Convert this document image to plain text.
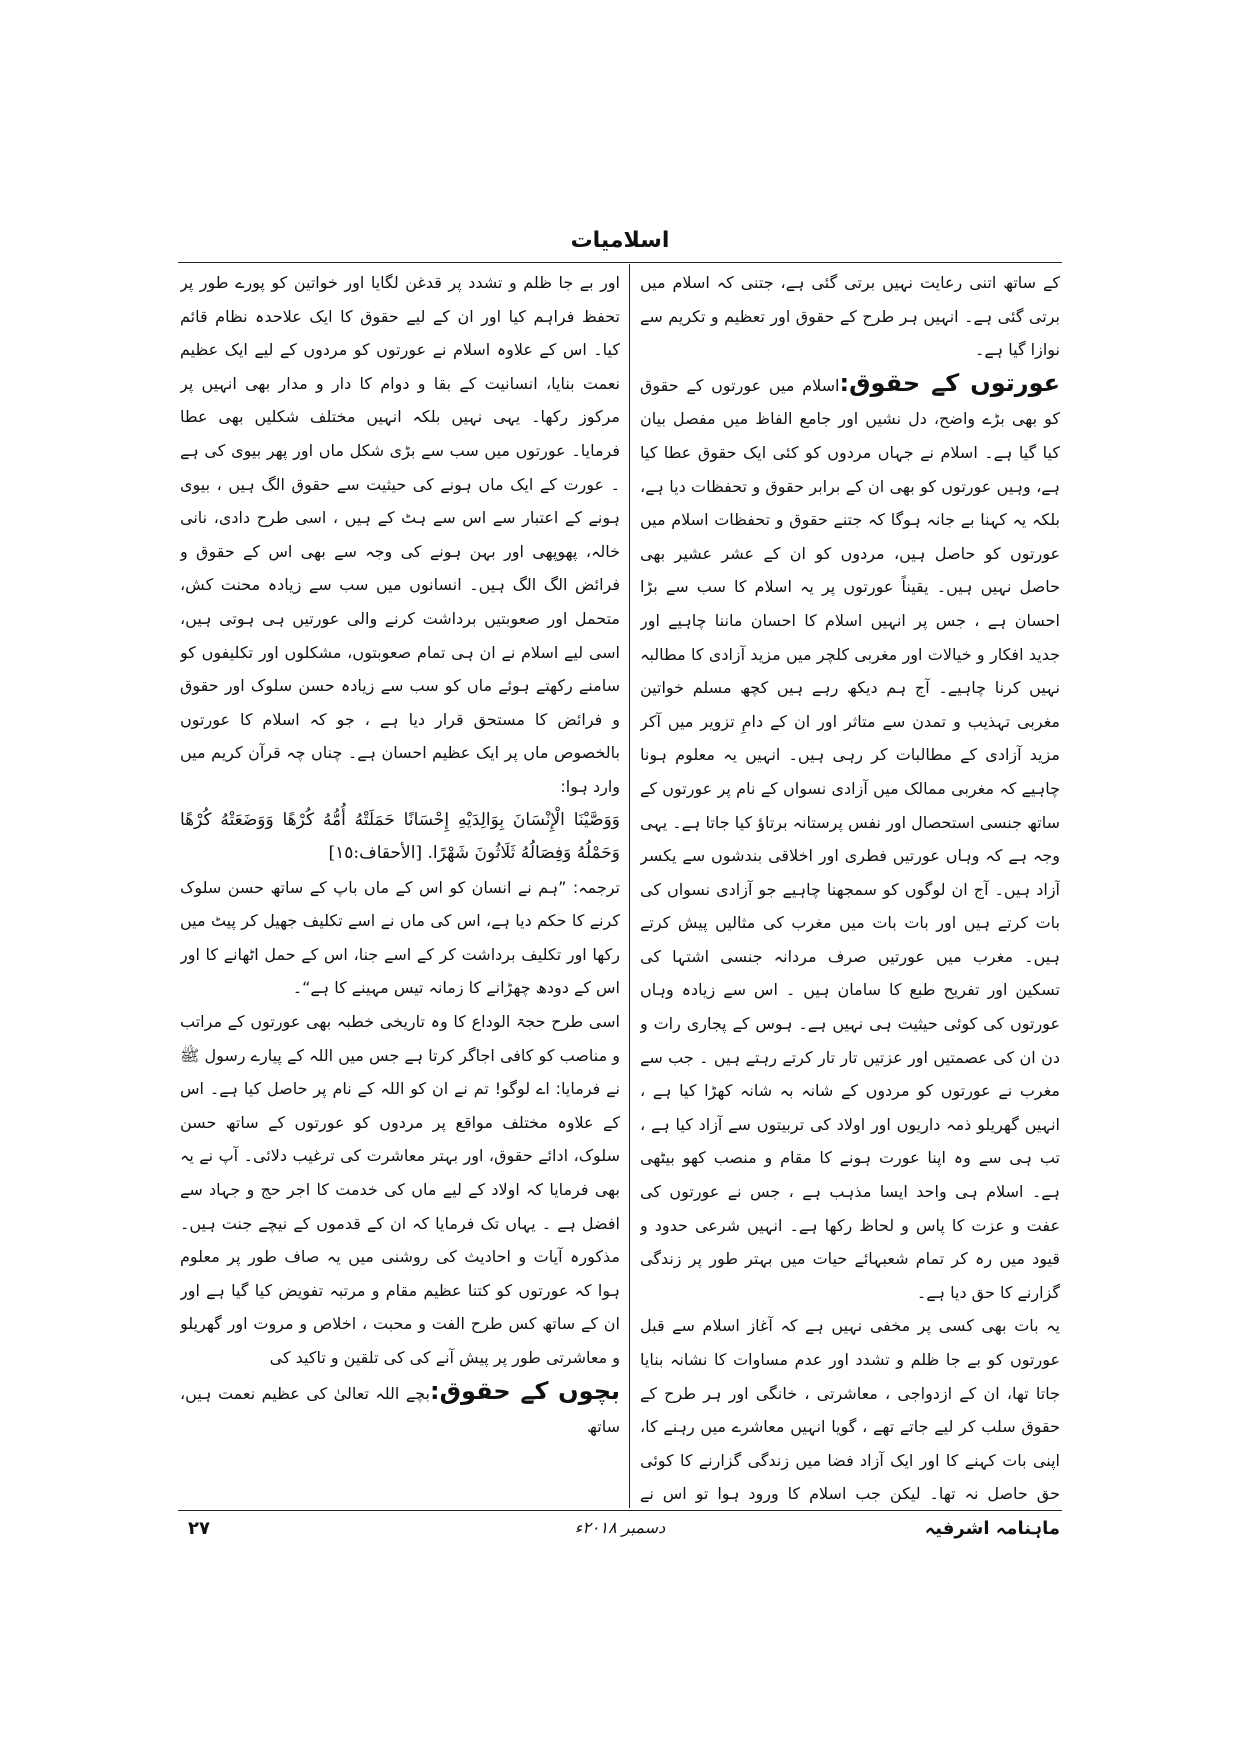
اسلامیات

کے ساتھ اتنی رعایت نہیں برتی گئی ہے، جتنی کہ اسلام میں برتی گئی ہے۔ انہیں ہر طرح کے حقوق اور تعظیم و تکریم سے نوازا گیا ہے۔

عورتوں کے حقوق:اسلام میں عورتوں کے حقوق کو بھی بڑے واضح، دل نشیں اور جامع الفاظ میں مفصل بیان کیا گیا ہے۔ اسلام نے جہاں مردوں کو کئی ایک حقوق عطا کیا ہے، وہیں عورتوں کو بھی ان کے برابر حقوق و تحفظات دیا ہے، بلکہ یہ کہنا بے جانہ ہوگا کہ جتنے حقوق و تحفظات اسلام میں عورتوں کو حاصل ہیں، مردوں کو ان کے عشر عشیر بھی حاصل نہیں ہیں۔ یقیناً عورتوں پر یہ اسلام کا سب سے بڑا احسان ہے ، جس پر انہیں اسلام کا احسان ماننا چاہیے اور جدید افکار و خیالات اور مغربی کلچر میں مزید آزادی کا مطالبہ نہیں کرنا چاہیے۔ آج ہم دیکھ رہے ہیں کچھ مسلم خواتین مغربی تہذیب و تمدن سے متاثر اور ان کے دامِ تزویر میں آکر مزید آزادی کے مطالبات کر رہی ہیں۔ انہیں یہ معلوم ہونا چاہیے کہ مغربی ممالک میں آزادی نسواں کے نام پر عورتوں کے ساتھ جنسی استحصال اور نفس پرستانہ برتاؤ کیا جاتا ہے۔ یہی وجہ ہے کہ وہاں عورتیں فطری اور اخلاقی بندشوں سے یکسر آزاد ہیں۔ آج ان لوگوں کو سمجھنا چاہیے جو آزادی نسواں کی بات کرتے ہیں اور بات بات میں مغرب کی مثالیں پیش کرتے ہیں۔ مغرب میں عورتیں صرف مردانہ جنسی اشتہا کی تسکین اور تفریح طبع کا سامان ہیں ۔ اس سے زیادہ وہاں عورتوں کی کوئی حیثیت ہی نہیں ہے۔ ہوس کے پجاری رات و دن ان کی عصمتیں اور عزتیں تار تار کرتے رہتے ہیں ۔ جب سے مغرب نے عورتوں کو مردوں کے شانہ بہ شانہ کھڑا کیا ہے ، انہیں گھریلو ذمہ داریوں اور اولاد کی تربیتوں سے آزاد کیا ہے ، تب ہی سے وہ اپنا عورت ہونے کا مقام و منصب کھو بیٹھی ہے۔ اسلام ہی واحد ایسا مذہب ہے ، جس نے عورتوں کی عفت و عزت کا پاس و لحاظ رکھا ہے۔ انہیں شرعی حدود و قیود میں رہ کر تمام شعبہائے حیات میں بہتر طور پر زندگی گزارنے کا حق دیا ہے۔

یہ بات بھی کسی پر مخفی نہیں ہے کہ آغاز اسلام سے قبل عورتوں کو بے جا ظلم و تشدد اور عدم مساوات کا نشانہ بنایا جاتا تھا، ان کے ازدواجی ، معاشرتی ، خانگی اور ہر طرح کے حقوق سلب کر لیے جاتے تھے ، گویا انہیں معاشرے میں رہنے کا، اپنی بات کہنے کا اور ایک آزاد فضا میں زندگی گزارنے کا کوئی حق حاصل نہ تھا۔ لیکن جب اسلام کا ورود ہوا تو اس نے

اور بے جا ظلم و تشدد پر قدغن لگایا اور خواتین کو پورے طور پر تحفظ فراہم کیا اور ان کے لیے حقوق کا ایک علاحدہ نظام قائم کیا۔ اس کے علاوہ اسلام نے عورتوں کو مردوں کے لیے ایک عظیم نعمت بنایا، انسانیت کے بقا و دوام کا دار و مدار بھی انہیں پر مرکوز رکھا۔ یہی نہیں بلکہ انہیں مختلف شکلیں بھی عطا فرمایا۔ عورتوں میں سب سے بڑی شکل ماں اور پھر بیوی کی ہے ۔ عورت کے ایک ماں ہونے کی حیثیت سے حقوق الگ ہیں ، بیوی ہونے کے اعتبار سے اس سے ہٹ کے ہیں ، اسی طرح دادی، نانی خالہ، پھوپھی اور بہن ہونے کی وجہ سے بھی اس کے حقوق و فرائض الگ الگ ہیں۔ انسانوں میں سب سے زیادہ محنت کش، متحمل اور صعوبتیں برداشت کرنے والی عورتیں ہی ہوتی ہیں، اسی لیے اسلام نے ان ہی تمام صعوبتوں، مشکلوں اور تکلیفوں کو سامنے رکھتے ہوئے ماں کو سب سے زیادہ حسن سلوک اور حقوق و فرائض کا مستحق قرار دیا ہے ، جو کہ اسلام کا عورتوں بالخصوص ماں پر ایک عظیم احسان ہے۔ چناں چہ قرآن کریم میں وارد ہوا:

وَوَصَّيْنَا الْإِنْسَانَ بِوَالِدَيْهِ إِحْسَانًا حَمَلَتْهُ أُمُّهُ كُرْهًا وَوَضَعَتْهُ كُرْهًا وَحَمْلُهُ وَفِصَالُهُ ثَلَاثُونَ شَهْرًا. [الأحقاف:١٥]

ترجمہ: ”ہم نے انسان کو اس کے ماں باپ کے ساتھ حسن سلوک کرنے کا حکم دیا ہے، اس کی ماں نے اسے تکلیف جھیل کر پیٹ میں رکھا اور تکلیف برداشت کر کے اسے جنا، اس کے حمل اٹھانے کا اور اس کے دودھ چھڑانے کا زمانہ تیس مہینے کا ہے“۔

اسی طرح حجۃ الوداع کا وہ تاریخی خطبہ بھی عورتوں کے مراتب و مناصب کو کافی اجاگر کرتا ہے جس میں اللہ کے پیارے رسول ﷺ نے فرمایا: اے لوگو! تم نے ان کو اللہ کے نام پر حاصل کیا ہے۔ اس کے علاوہ مختلف مواقع پر مردوں کو عورتوں کے ساتھ حسن سلوک، ادائے حقوق، اور بہتر معاشرت کی ترغیب دلائی۔ آپ نے یہ بھی فرمایا کہ اولاد کے لیے ماں کی خدمت کا اجر حج و جہاد سے افضل ہے ۔ یہاں تک فرمایا کہ ان کے قدموں کے نیچے جنت ہیں۔ مذکورہ آیات و احادیث کی روشنی میں یہ صاف طور پر معلوم ہوا کہ عورتوں کو کتنا عظیم مقام و مرتبہ تفویض کیا گیا ہے اور ان کے ساتھ کس طرح الفت و محبت ، اخلاص و مروت اور گھریلو و معاشرتی طور پر پیش آنے کی کی تلقین و تاکید کی

بچوں کے حقوق:بچے اللہ تعالیٰ کی عظیم نعمت ہیں، ساتھ

ماہنامہ اشرفیہ
دسمبر ۲۰۱۸ء
۲۷
